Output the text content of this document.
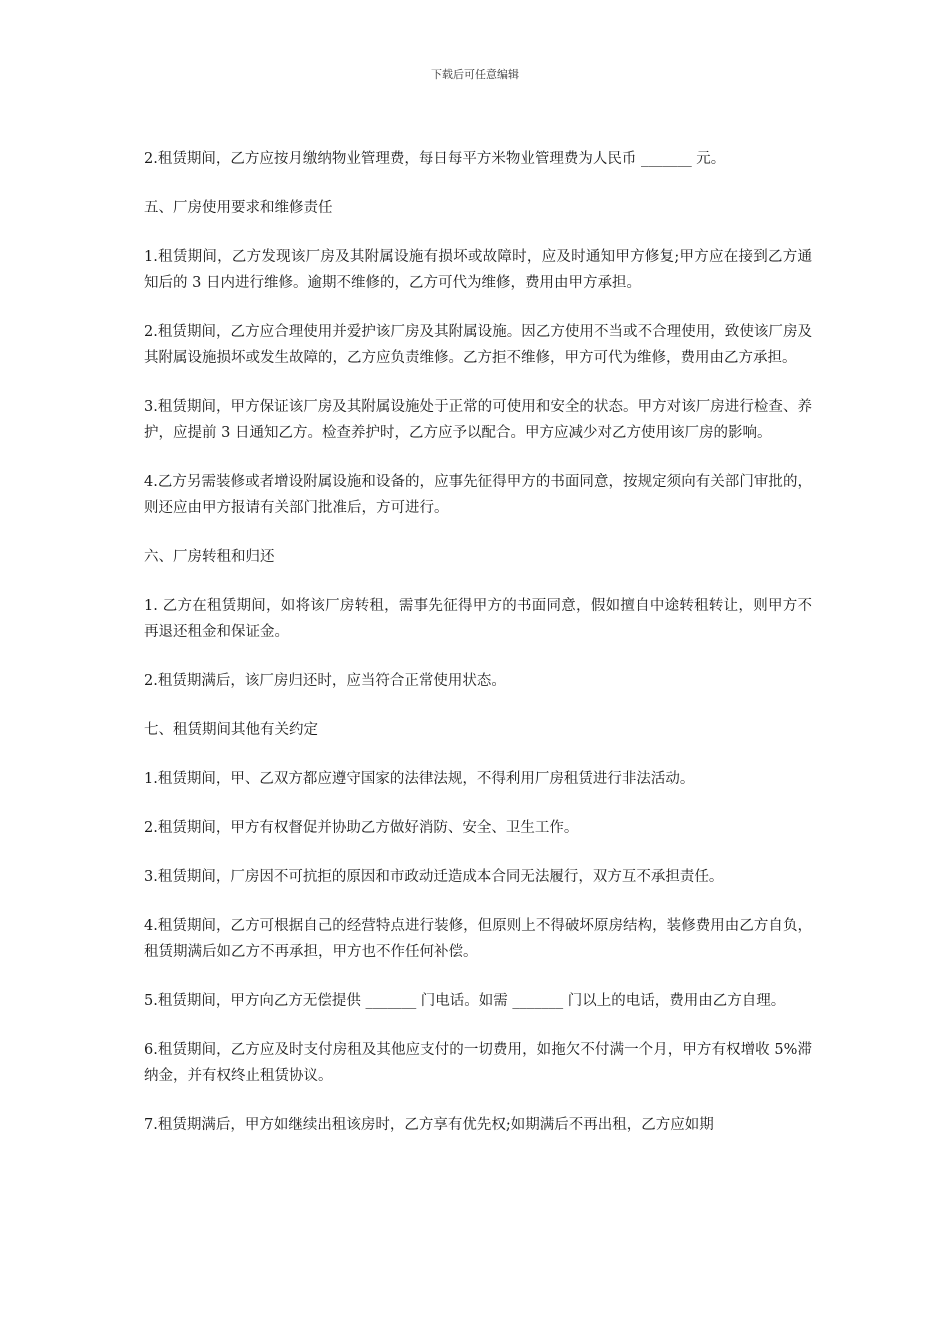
下载后可任意编辑

2.租赁期间，乙方应按月缴纳物业管理费，每日每平方米物业管理费为人民币 _______ 元。

五、厂房使用要求和维修责任

1.租赁期间，乙方发现该厂房及其附属设施有损坏或故障时，应及时通知甲方修复;甲方应在接到乙方通知后的 3 日内进行维修。逾期不维修的，乙方可代为维修，费用由甲方承担。

2.租赁期间，乙方应合理使用并爱护该厂房及其附属设施。因乙方使用不当或不合理使用，致使该厂房及其附属设施损坏或发生故障的，乙方应负责维修。乙方拒不维修，甲方可代为维修，费用由乙方承担。

3.租赁期间，甲方保证该厂房及其附属设施处于正常的可使用和安全的状态。甲方对该厂房进行检查、养护，应提前 3 日通知乙方。检查养护时，乙方应予以配合。甲方应减少对乙方使用该厂房的影响。

4.乙方另需装修或者增设附属设施和设备的，应事先征得甲方的书面同意，按规定须向有关部门审批的，则还应由甲方报请有关部门批准后，方可进行。

六、厂房转租和归还

1. 乙方在租赁期间，如将该厂房转租，需事先征得甲方的书面同意，假如擅自中途转租转让，则甲方不再退还租金和保证金。

2.租赁期满后，该厂房归还时，应当符合正常使用状态。

七、租赁期间其他有关约定

1.租赁期间，甲、乙双方都应遵守国家的法律法规，不得利用厂房租赁进行非法活动。

2.租赁期间，甲方有权督促并协助乙方做好消防、安全、卫生工作。

3.租赁期间，厂房因不可抗拒的原因和市政动迁造成本合同无法履行，双方互不承担责任。

4.租赁期间，乙方可根据自己的经营特点进行装修，但原则上不得破坏原房结构，装修费用由乙方自负，租赁期满后如乙方不再承担，甲方也不作任何补偿。

5.租赁期间，甲方向乙方无偿提供 _______ 门电话。如需 _______ 门以上的电话，费用由乙方自理。

6.租赁期间，乙方应及时支付房租及其他应支付的一切费用，如拖欠不付满一个月，甲方有权增收 5%滞纳金，并有权终止租赁协议。

7.租赁期满后，甲方如继续出租该房时，乙方享有优先权;如期满后不再出租，乙方应如期
